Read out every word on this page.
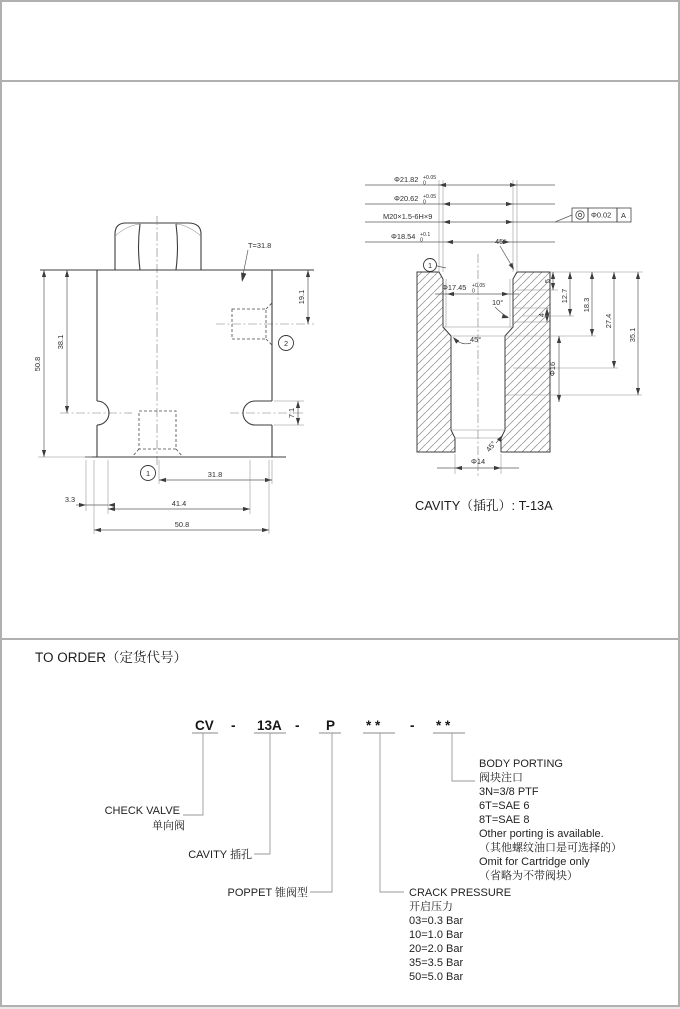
50.8
38.1
19.1
7.1
31.8
3.3	41.4
50.8
T=31.8
1
2
Φ21.82 +0.05
0
Φ20.62 +0.05
0
M20×1.5-6H×9
Φ18.54 +0.1
0
Φ17.45 +0.05
0
Φ0.02 A
45°
1
5
4
12.7
18.3
27.4
35.1
Φ16
Φ14
10°
45°
45°
CAVITY（插孔）: T-13A
TO ORDER（定货代号）
CV - 13A - P * * - * *
CHECK VALVE
单向阀
CAVITY 插孔
POPPET 锥阀型
BODY PORTING
阀块注口
3N=3/8 PTF
6T=SAE 6
8T=SAE 8
Other porting is available.
（其他螺纹油口是可选择的）
Omit for Cartridge only
（省略为不带阀块）
CRACK PRESSURE
开启压力
03=0.3 Bar
10=1.0 Bar
20=2.0 Bar
35=3.5 Bar
50=5.0 Bar
